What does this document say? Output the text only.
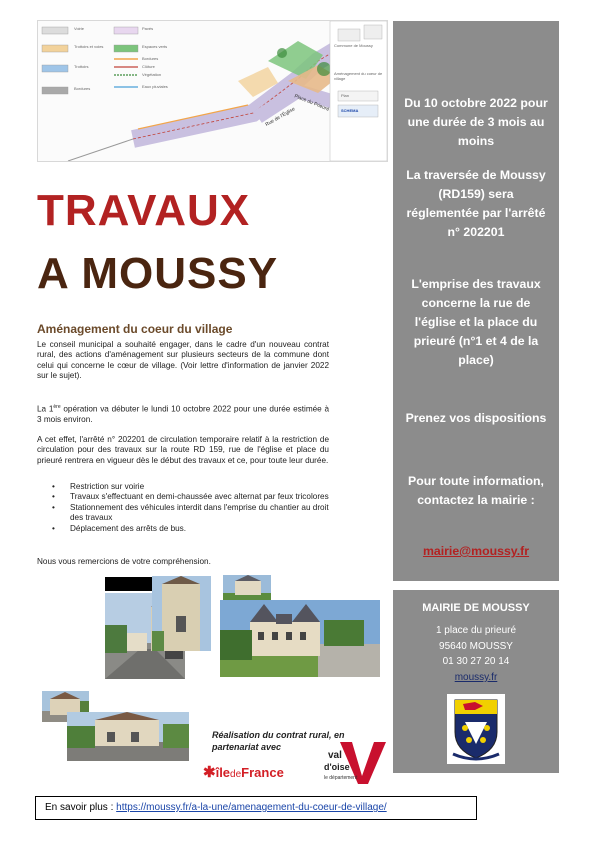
Voirie
Trottoirs et voies
Trottoirs
Bordures
Pavés
Espaces verts
Bordures
Clôture
Végétation
Eaux pluviales
Rue de l'Église
Place du Prieuré
Commune de Moussy
Aménagement du coeur de village
Plan
SCHEMA
TRAVAUX
A MOUSSY
Aménagement du coeur du village

Le conseil municipal a souhaité engager, dans le cadre d'un nouveau contrat rural, des actions d'aménagement sur plusieurs secteurs de la commune dont celui qui concerne le cœur de village. (Voir lettre d'information de janvier 2022 sur le sujet).

La 1ère opération va débuter le lundi 10 octobre 2022 pour une durée estimée à 3 mois environ.

A cet effet, l'arrêté n° 202201 de circulation temporaire relatif à la restriction de circulation pour des travaux sur la route RD 159, rue de l'église et place du prieuré rentrera en vigueur dès le début des travaux et ce, pour toute leur durée.

• Restriction sur voirie
• Travaux s'effectuant en demi-chaussée avec alternat par feux tricolores
• Stationnement des véhicules interdit dans l'emprise du chantier au droit des travaux
• Déplacement des arrêts de bus.

Nous vous remercions de votre compréhension.

Réalisation du contrat rural, en partenariat avec

✱îledeFrance
val
d'oise
le département

Du 10 octobre 2022 pour une durée de 3 mois au moins

La traversée de Moussy (RD159) sera réglementée par l'arrêté n° 202201

L'emprise des travaux concerne la rue de l'église et la place du prieuré (n°1 et 4 de la place)

Prenez vos dispositions

Pour toute information, contactez la mairie :

mairie@moussy.fr

MAIRIE DE MOUSSY

1 place du prieuré
95640 MOUSSY
01 30 27 20 14
moussy.fr
En savoir plus : https://moussy.fr/a-la-une/amenagement-du-coeur-de-village/
